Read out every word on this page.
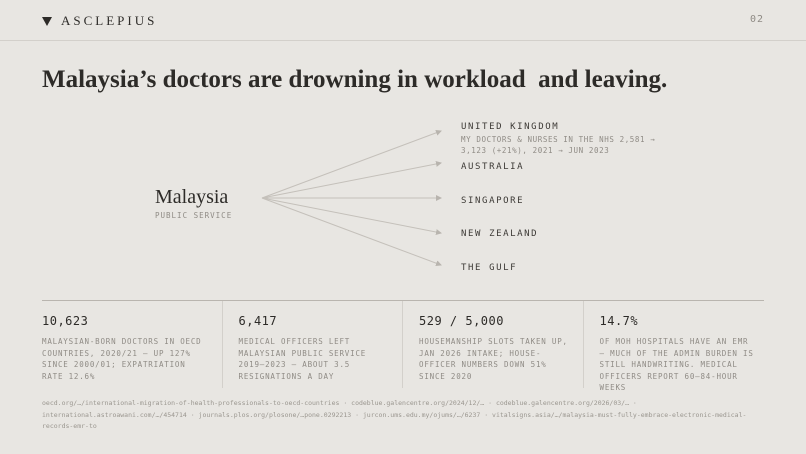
ASCLEPIUS	02
Malaysia’s doctors are drowning in workload  and leaving.
Malaysia
PUBLIC SERVICE
UNITED KINGDOM
MY DOCTORS & NURSES IN THE NHS 2,581 → 3,123 (+21%), 2021 → JUN 2023
AUSTRALIA
SINGAPORE
NEW ZEALAND
THE GULF
10,623
MALAYSIAN-BORN DOCTORS IN OECD COUNTRIES, 2020/21 — UP 127% SINCE 2000/01; EXPATRIATION RATE 12.6%
6,417
MEDICAL OFFICERS LEFT MALAYSIAN PUBLIC SERVICE 2019–2023 — ABOUT 3.5 RESIGNATIONS A DAY
529 / 5,000
HOUSEMANSHIP SLOTS TAKEN UP, JAN 2026 INTAKE; HOUSE-OFFICER NUMBERS DOWN 51% SINCE 2020
14.7%
OF MOH HOSPITALS HAVE AN EMR — MUCH OF THE ADMIN BURDEN IS STILL HANDWRITING. MEDICAL OFFICERS REPORT 60–84-HOUR WEEKS
oecd.org/…/international-migration-of-health-professionals-to-oecd-countries · codeblue.galencentre.org/2024/12/… · codeblue.galencentre.org/2026/03/… · international.astroawani.com/…/454714 · journals.plos.org/plosone/…pone.0292213 · jurcon.ums.edu.my/ojums/…/6237 · vitalsigns.asia/…/malaysia-must-fully-embrace-electronic-medical-records-emr-to
